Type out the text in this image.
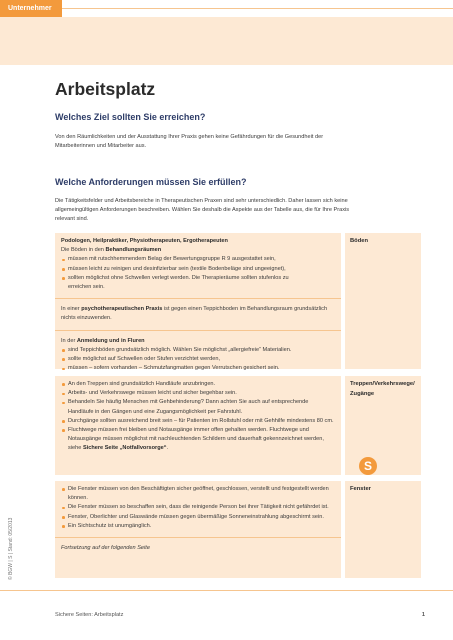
Unternehmer
Arbeitsplatz
Welches Ziel sollten Sie erreichen?

Von den Räumlichkeiten und der Ausstattung Ihrer Praxis gehen keine Gefährdungen für die Gesundheit der Mitarbeiterinnen und Mitarbeiter aus.

Welche Anforderungen müssen Sie erfüllen?

Die Tätigkeitsfelder und Arbeitsbereiche in Therapeutischen Praxen sind sehr unterschiedlich. Daher lassen sich keine allgemeingültigen Anforderungen beschreiben. Wählen Sie deshalb die Aspekte aus der Tabelle aus, die für Ihre Praxis relevant sind.

Podologen, Heilpraktiker, Physiotherapeuten, Ergotherapeuten

Die Böden in den Behandlungsräumen

müssen mit rutschhemmendem Belag der Bewertungsgruppe R 9 ausgestattet sein,
müssen leicht zu reinigen und desinfizierbar sein (textile Bodenbeläge sind ungeeignet),
sollten möglichst ohne Schwellen verlegt werden. Die Therapieräume sollten stufenlos zu
erreichen sein.

In einer psychotherapeutischen Praxis ist gegen einen Teppichboden im Behandlungsraum grundsätzlich nichts einzuwenden.

In der Anmeldung und in Fluren

sind Teppichböden grundsätzlich möglich. Wählen Sie möglichst „allergiefreie“ Materialien.
sollte möglichst auf Schwellen oder Stufen verzichtet werden,
müssen – sofern vorhanden – Schmutzfangmatten gegen Verrutschen gesichert sein.
Böden
An den Treppen sind grundsätzlich Handläufe anzubringen.
Arbeits- und Verkehrswege müssen leicht und sicher begehbar sein.
Behandeln Sie häufig Menschen mit Gehbehinderung? Dann achten Sie auch auf entsprechende Handläufe in den Gängen und eine Zugangsmöglichkeit per Fahrstuhl.
Durchgänge sollten ausreichend breit sein – für Patienten im Rollstuhl oder mit Gehhilfe mindestens 80 cm.
Fluchtwege müssen frei bleiben und Notausgänge immer offen gehalten werden. Fluchtwege und Notausgänge müssen möglichst mit nachleuchtenden Schildern und dauerhaft gekennzeichnet werden, siehe Sichere Seite „Notfallvorsorge“.
Treppen/Verkehrswege/ Zugänge
S
Die Fenster müssen von den Beschäftigten sicher geöffnet, geschlossen, verstellt und festgestellt werden können.
Die Fenster müssen so beschaffen sein, dass die reinigende Person bei ihrer Tätigkeit nicht gefährdet ist.
Fenster, Oberlichter und Glaswände müssen gegen übermäßige Sonneneinstrahlung abgeschirmt sein.
Ein Sichtschutz ist unumgänglich.

Fortsetzung auf der folgenden Seite

Fenster
© BGW | S | Stand: 05/2013
Sichere Seiten: Arbeitsplatz	1
